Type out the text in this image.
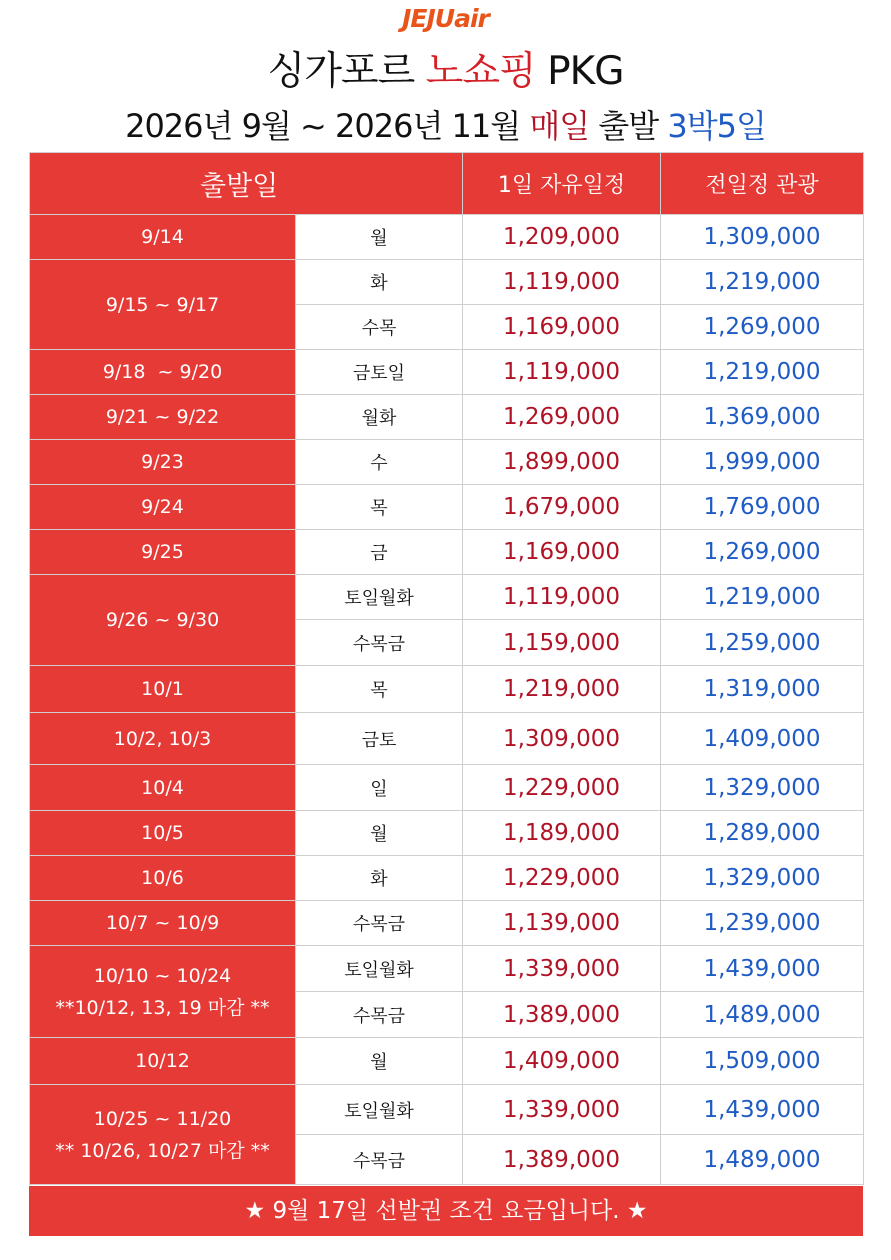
JEJUair
싱가포르 노쇼핑 PKG
2026년 9월 ~ 2026년 11월 매일 출발 3박5일
출발일		1일 자유일정	전일정 관광

9/14	월	1,209,000	1,309,000

9/15 ~ 9/17	화	1,119,000	1,219,000
	수목	1,169,000	1,269,000

9/18  ~ 9/20	금토일	1,119,000	1,219,000

9/21 ~ 9/22	월화	1,269,000	1,369,000

9/23	수	1,899,000	1,999,000

9/24	목	1,679,000	1,769,000

9/25	금	1,169,000	1,269,000

9/26 ~ 9/30	토일월화	1,119,000	1,219,000
	수목금	1,159,000	1,259,000

10/1	목	1,219,000	1,319,000

10/2, 10/3	금토	1,309,000	1,409,000

10/4	일	1,229,000	1,329,000

10/5	월	1,189,000	1,289,000

10/6	화	1,229,000	1,329,000

10/7 ~ 10/9	수목금	1,139,000	1,239,000

10/10 ~ 10/24
**10/12, 13, 19 마감 **	토일월화	1,339,000	1,439,000
	수목금	1,389,000	1,489,000

10/12	월	1,409,000	1,509,000

10/25 ~ 11/20
** 10/26, 10/27 마감 **	토일월화	1,339,000	1,439,000
	수목금	1,389,000	1,489,000
★ 9월 17일 선발권 조건 요금입니다. ★
